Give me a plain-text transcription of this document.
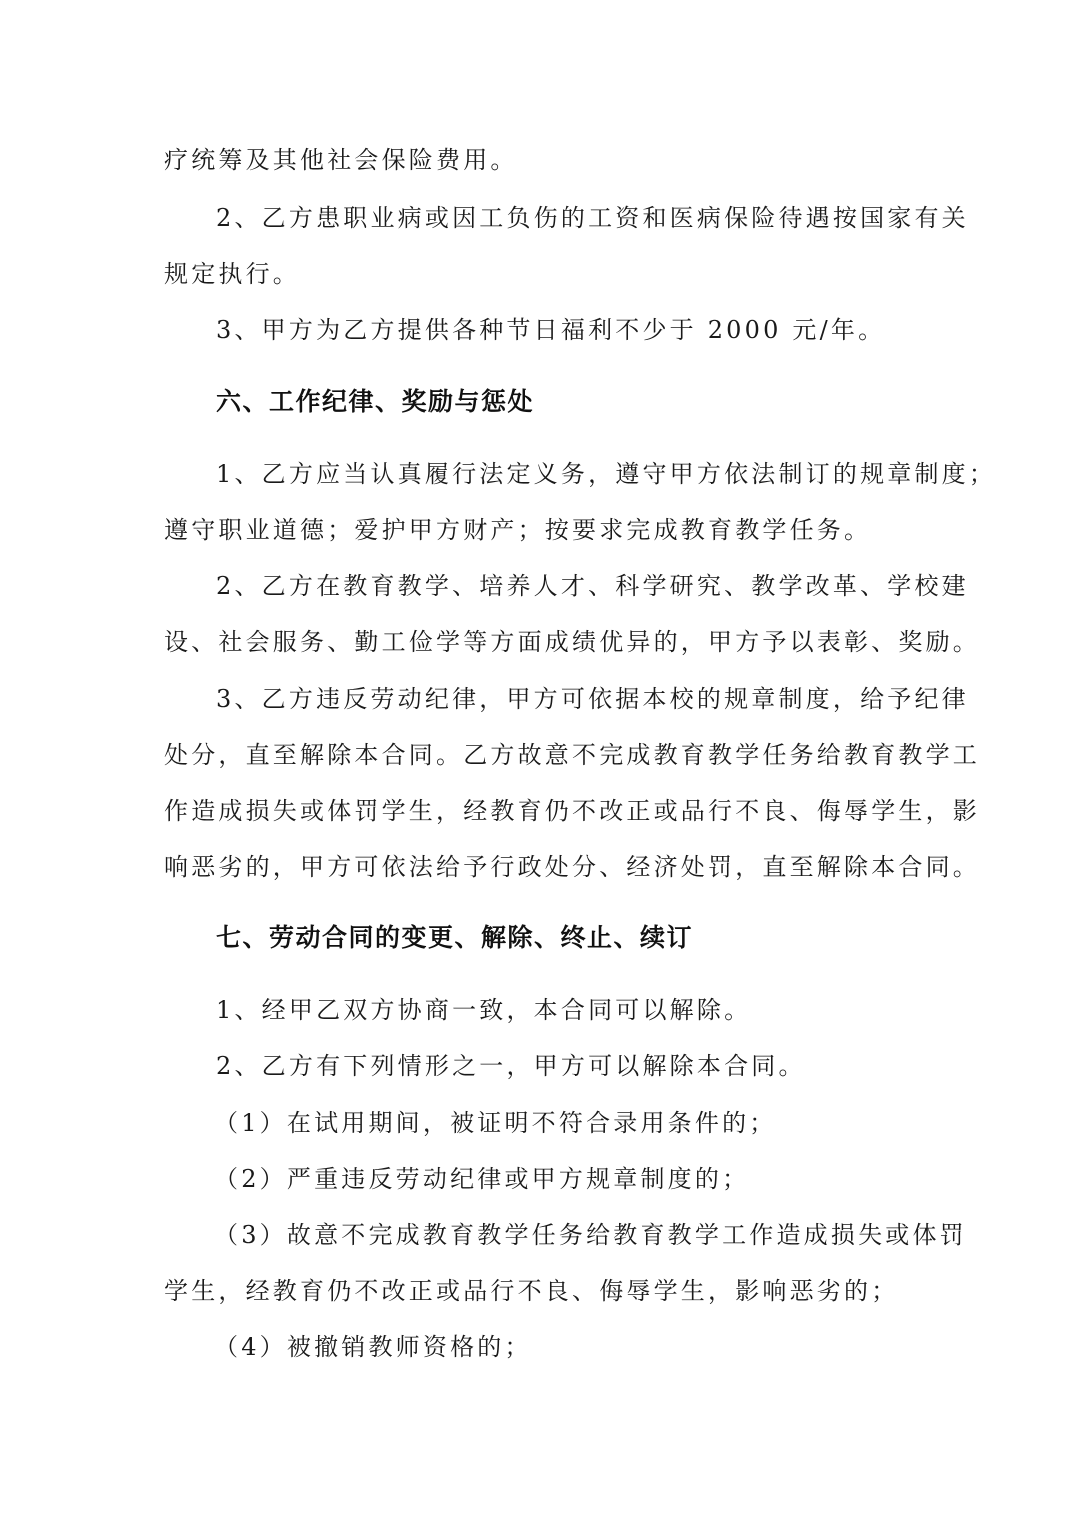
疗统筹及其他社会保险费用。

2、乙方患职业病或因工负伤的工资和医病保险待遇按国家有关

规定执行。

3、甲方为乙方提供各种节日福利不少于 2000 元/年。

六、工作纪律、奖励与惩处

1、乙方应当认真履行法定义务，遵守甲方依法制订的规章制度；

遵守职业道德；爱护甲方财产；按要求完成教育教学任务。

2、乙方在教育教学、培养人才、科学研究、教学改革、学校建

设、社会服务、勤工俭学等方面成绩优异的，甲方予以表彰、奖励。

3、乙方违反劳动纪律，甲方可依据本校的规章制度，给予纪律

处分，直至解除本合同。乙方故意不完成教育教学任务给教育教学工

作造成损失或体罚学生，经教育仍不改正或品行不良、侮辱学生，影

响恶劣的，甲方可依法给予行政处分、经济处罚，直至解除本合同。

七、劳动合同的变更、解除、终止、续订

1、经甲乙双方协商一致，本合同可以解除。

2、乙方有下列情形之一，甲方可以解除本合同。

（1）在试用期间，被证明不符合录用条件的；

（2）严重违反劳动纪律或甲方规章制度的；

（3）故意不完成教育教学任务给教育教学工作造成损失或体罚

学生，经教育仍不改正或品行不良、侮辱学生，影响恶劣的；

（4）被撤销教师资格的；
